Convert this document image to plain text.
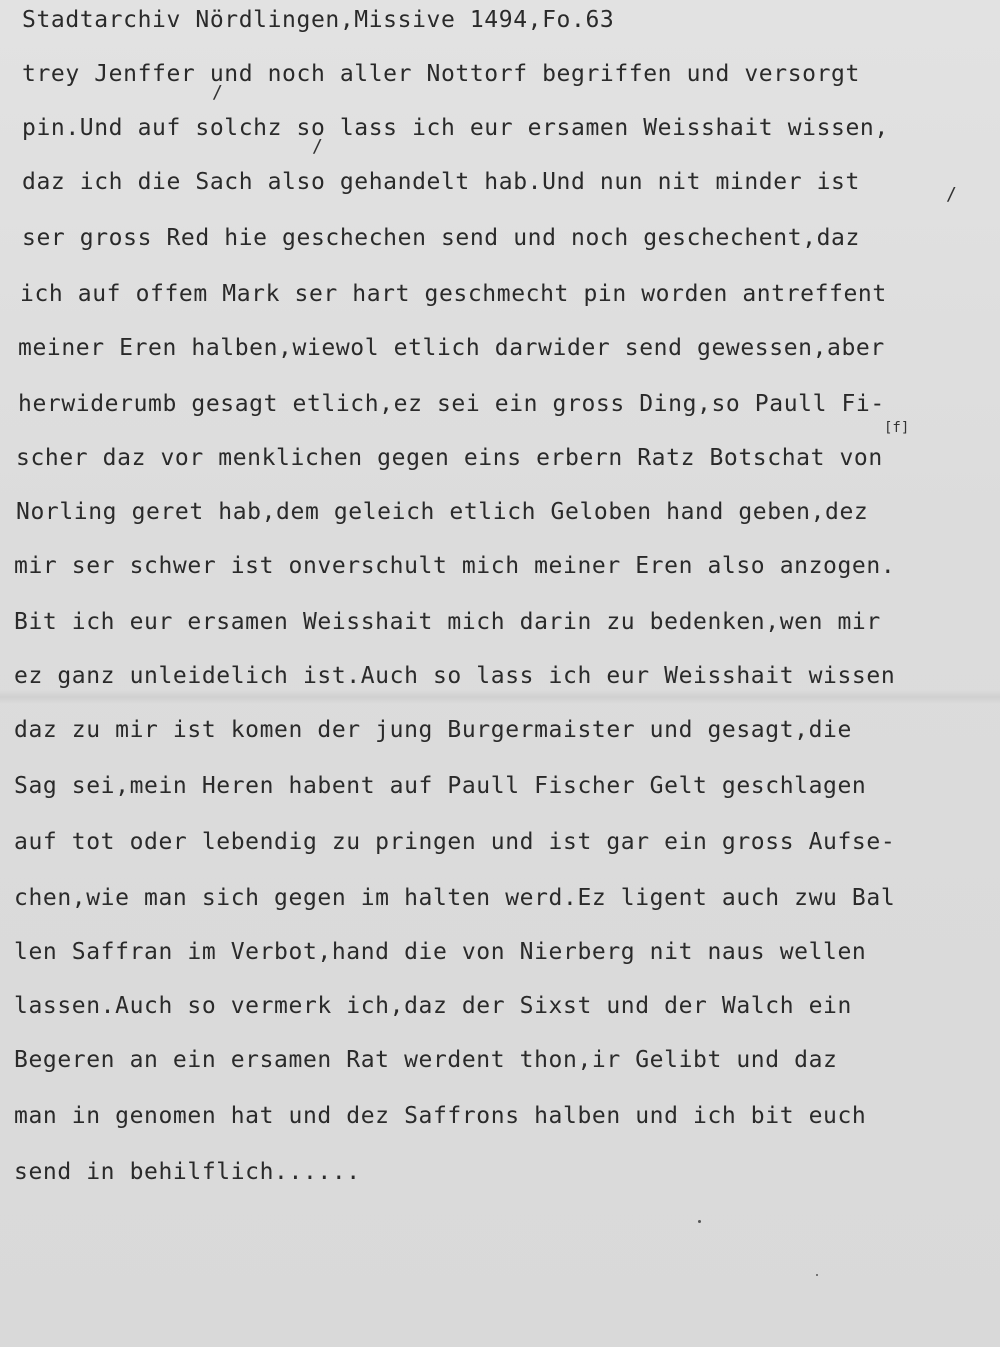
Stadtarchiv Nördlingen,Missive 1494,Fo.63
trey Jenffer und noch aller Nottorf begriffen und versorgt
pin.Und auf solchz so lass ich eur ersamen Weisshait wissen,
daz ich die Sach also gehandelt hab.Und nun nit minder ist
ser gross Red hie geschechen send und noch geschechent,daz
ich auf offem Mark ser hart geschmecht pin worden antreffent
meiner Eren halben,wiewol etlich darwider send gewessen,aber
herwiderumb gesagt etlich,ez sei ein gross Ding,so Paull Fi-
scher daz vor menklichen gegen eins erbern Ratz Botschat von
Norling geret hab,dem geleich etlich Geloben hand geben,dez
mir ser schwer ist onverschult mich meiner Eren also anzogen.
Bit ich eur ersamen Weisshait mich darin zu bedenken,wen mir
ez ganz unleidelich ist.Auch so lass ich eur Weisshait wissen
daz zu mir ist komen der jung Burgermaister und gesagt,die
Sag sei,mein Heren habent auf Paull Fischer Gelt geschlagen
auf tot oder lebendig zu pringen und ist gar ein gross Aufse-
chen,wie man sich gegen im halten werd.Ez ligent auch zwu Bal
len Saffran im Verbot,hand die von Nierberg nit naus wellen
lassen.Auch so vermerk ich,daz der Sixst und der Walch ein
Begeren an ein ersamen Rat werdent thon,ir Gelibt und daz
man in genomen hat und dez Saffrons halben und ich bit euch
send in behilflich......
[f]
/
/
/
